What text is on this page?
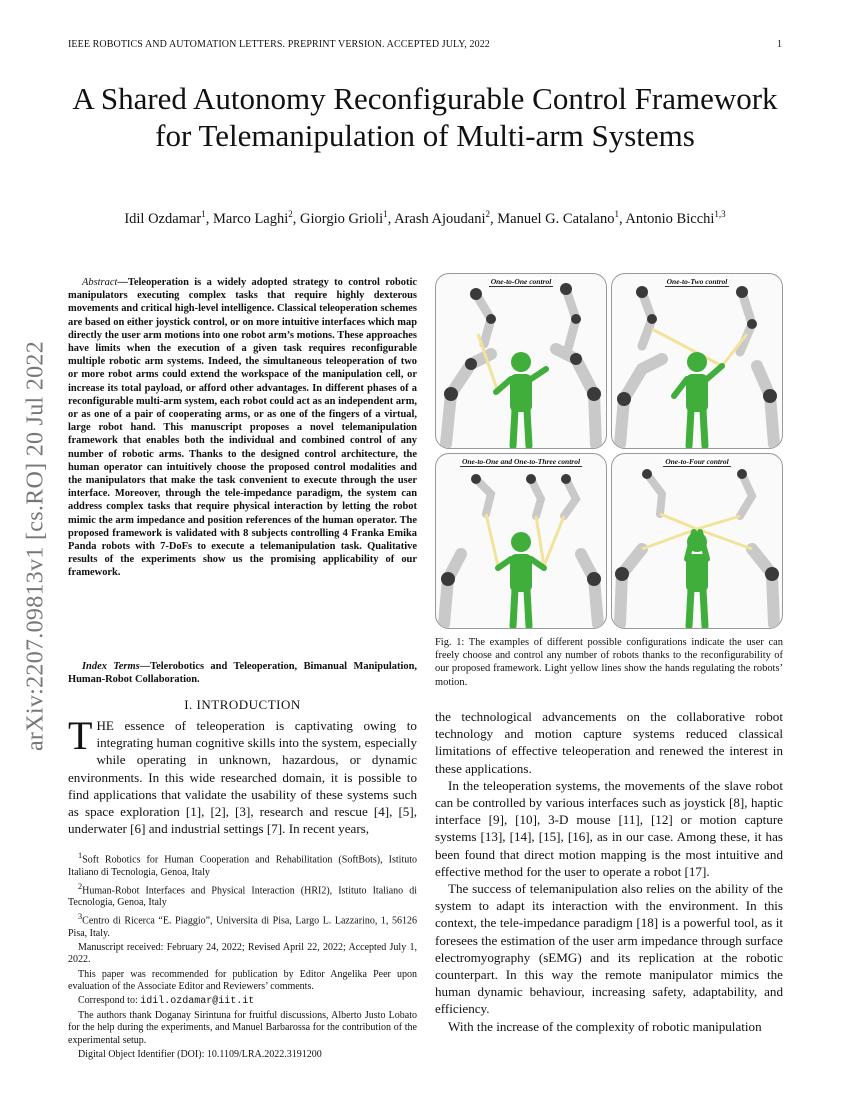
IEEE ROBOTICS AND AUTOMATION LETTERS. PREPRINT VERSION. ACCEPTED JULY, 2022	1
A Shared Autonomy Reconfigurable Control Framework for Telemanipulation of Multi-arm Systems
Idil Ozdamar$^1$, Marco Laghi$^2$, Giorgio Grioli$^1$, Arash Ajoudani$^2$, Manuel G. Catalano$^1$, Antonio Bicchi$^{1,3}$
arXiv:2207.09813v1 [cs.RO] 20 Jul 2022
Abstract—Teleoperation is a widely adopted strategy to control robotic manipulators executing complex tasks that require highly dexterous movements and critical high-level intelligence. Classical teleoperation schemes are based on either joystick control, or on more intuitive interfaces which map directly the user arm motions into one robot arm’s motions. These approaches have limits when the execution of a given task requires reconfigurable multiple robotic arm systems. Indeed, the simultaneous teleoperation of two or more robot arms could extend the workspace of the manipulation cell, or increase its total payload, or afford other advantages. In different phases of a reconfigurable multi-arm system, each robot could act as an independent arm, or as one of a pair of cooperating arms, or as one of the fingers of a virtual, large robot hand. This manuscript proposes a novel telemanipulation framework that enables both the individual and combined control of any number of robotic arms. Thanks to the designed control architecture, the human operator can intuitively choose the proposed control modalities and the manipulators that make the task convenient to execute through the user interface. Moreover, through the tele-impedance paradigm, the system can address complex tasks that require physical interaction by letting the robot mimic the arm impedance and position references of the human operator. The proposed framework is validated with 8 subjects controlling 4 Franka Emika Panda robots with 7-DoFs to execute a telemanipulation task. Qualitative results of the experiments show us the promising applicability of our framework.
Index Terms—Telerobotics and Teleoperation, Bimanual Manipulation, Human-Robot Collaboration.
I. INTRODUCTION
THE essence of teleoperation is captivating owing to integrating human cognitive skills into the system, especially while operating in unknown, hazardous, or dynamic environments. In this wide researched domain, it is possible to find applications that validate the usability of these systems such as space exploration [1], [2], [3], research and rescue [4], [5], underwater [6] and industrial settings [7]. In recent years,

$^1$Soft Robotics for Human Cooperation and Rehabilitation (SoftBots), Istituto Italiano di Tecnologia, Genoa, Italy

$^2$Human-Robot Interfaces and Physical Interaction (HRI2), Istituto Italiano di Tecnologia, Genoa, Italy

$^3$Centro di Ricerca “E. Piaggio”, Universita di Pisa, Largo L. Lazzarino, 1, 56126 Pisa, Italy.

Manuscript received: February 24, 2022; Revised April 22, 2022; Accepted July 1, 2022.

This paper was recommended for publication by Editor Angelika Peer upon evaluation of the Associate Editor and Reviewers’ comments.

Correspond to: idil.ozdamar@iit.it

The authors thank Doganay Sirintuna for fruitful discussions, Alberto Justo Lobato for the help during the experiments, and Manuel Barbarossa for the contribution of the experimental setup.

Digital Object Identifier (DOI): 10.1109/LRA.2022.3191200

One-to-One control	One-to-Two control
One-to-One and One-to-Three control	One-to-Four control
Fig. 1: The examples of different possible configurations indicate the user can freely choose and control any number of robots thanks to the reconfigurability of our proposed framework. Light yellow lines show the hands regulating the robots’ motion.

the technological advancements on the collaborative robot technology and motion capture systems reduced classical limitations of effective teleoperation and renewed the interest in these applications.

In the teleoperation systems, the movements of the slave robot can be controlled by various interfaces such as joystick [8], haptic interface [9], [10], 3-D mouse [11], [12] or motion capture systems [13], [14], [15], [16], as in our case. Among these, it has been found that direct motion mapping is the most intuitive and effective method for the user to operate a robot [17].

The success of telemanipulation also relies on the ability of the system to adapt its interaction with the environment. In this context, the tele-impedance paradigm [18] is a powerful tool, as it foresees the estimation of the user arm impedance through surface electromyography (sEMG) and its replication at the robotic counterpart. In this way the remote manipulator mimics the human dynamic behaviour, increasing safety, adaptability, and efficiency.

With the increase of the complexity of robotic manipulation
